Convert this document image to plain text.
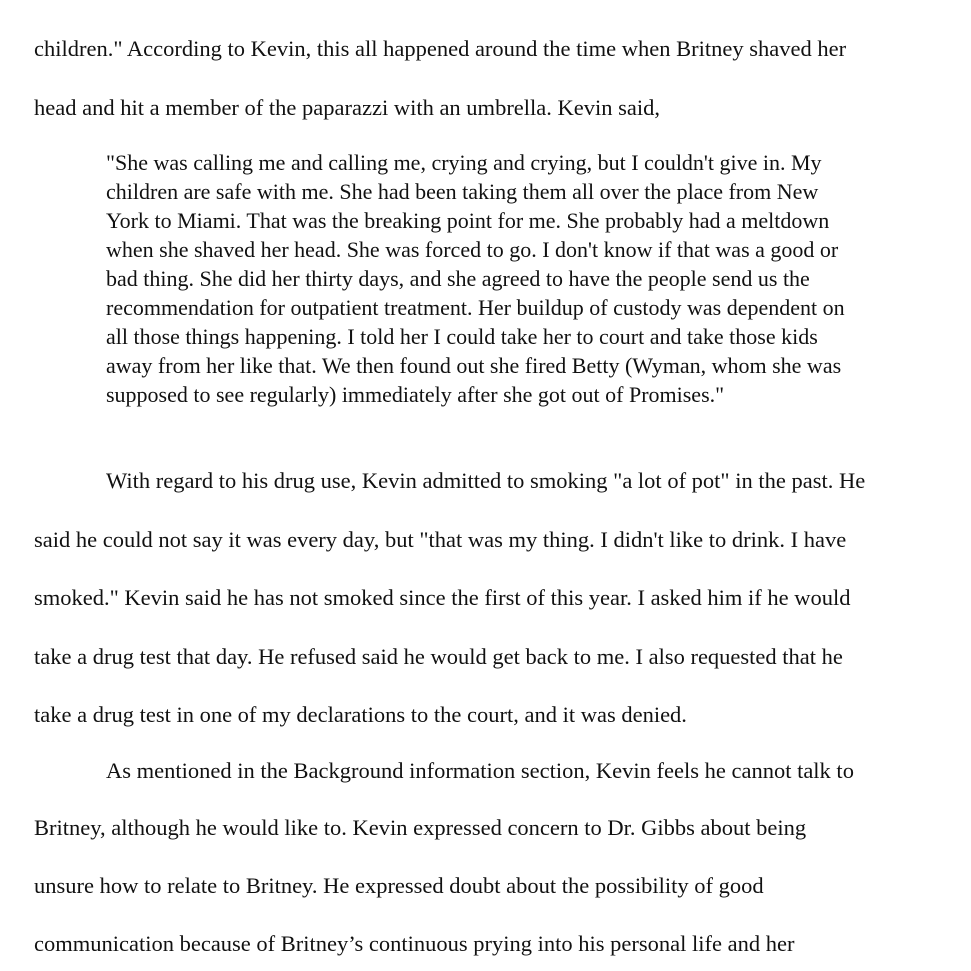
children." According to Kevin, this all happened around the time when Britney shaved her
head and hit a member of the paparazzi with an umbrella. Kevin said,
"She was calling me and calling me, crying and crying, but I couldn't give in. My
children are safe with me. She had been taking them all over the place from New
York to Miami. That was the breaking point for me. She probably had a meltdown
when she shaved her head. She was forced to go. I don't know if that was a good or
bad thing. She did her thirty days, and she agreed to have the people send us the
recommendation for outpatient treatment. Her buildup of custody was dependent on
all those things happening. I told her I could take her to court and take those kids
away from her like that. We then found out she fired Betty (Wyman, whom she was
supposed to see regularly) immediately after she got out of Promises."
With regard to his drug use, Kevin admitted to smoking "a lot of pot" in the past. He
said he could not say it was every day, but "that was my thing. I didn't like to drink. I have
smoked." Kevin said he has not smoked since the first of this year. I asked him if he would
take a drug test that day. He refused said he would get back to me. I also requested that he
take a drug test in one of my declarations to the court, and it was denied.
As mentioned in the Background information section, Kevin feels he cannot talk to
Britney, although he would like to. Kevin expressed concern to Dr. Gibbs about being
unsure how to relate to Britney. He expressed doubt about the possibility of good
communication because of Britney’s continuous prying into his personal life and her
